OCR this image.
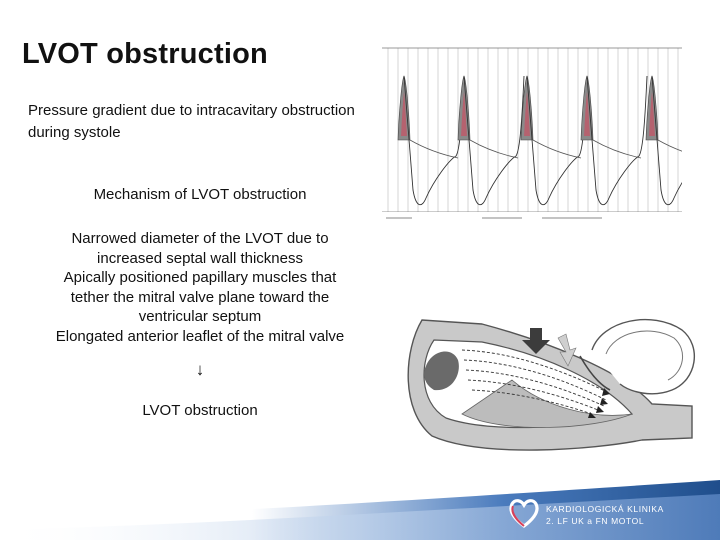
LVOT obstruction
Pressure gradient due to intracavitary obstruction during systole
Mechanism of LVOT obstruction
Narrowed diameter of the LVOT due to
increased septal wall thickness
Apically positioned papillary muscles that
tether the mitral valve plane toward the
ventricular septum
Elongated anterior leaflet of the mitral valve
↓
LVOT obstruction
KARDIOLOGICKÁ KLINIKA
2. LF UK a FN MOTOL
